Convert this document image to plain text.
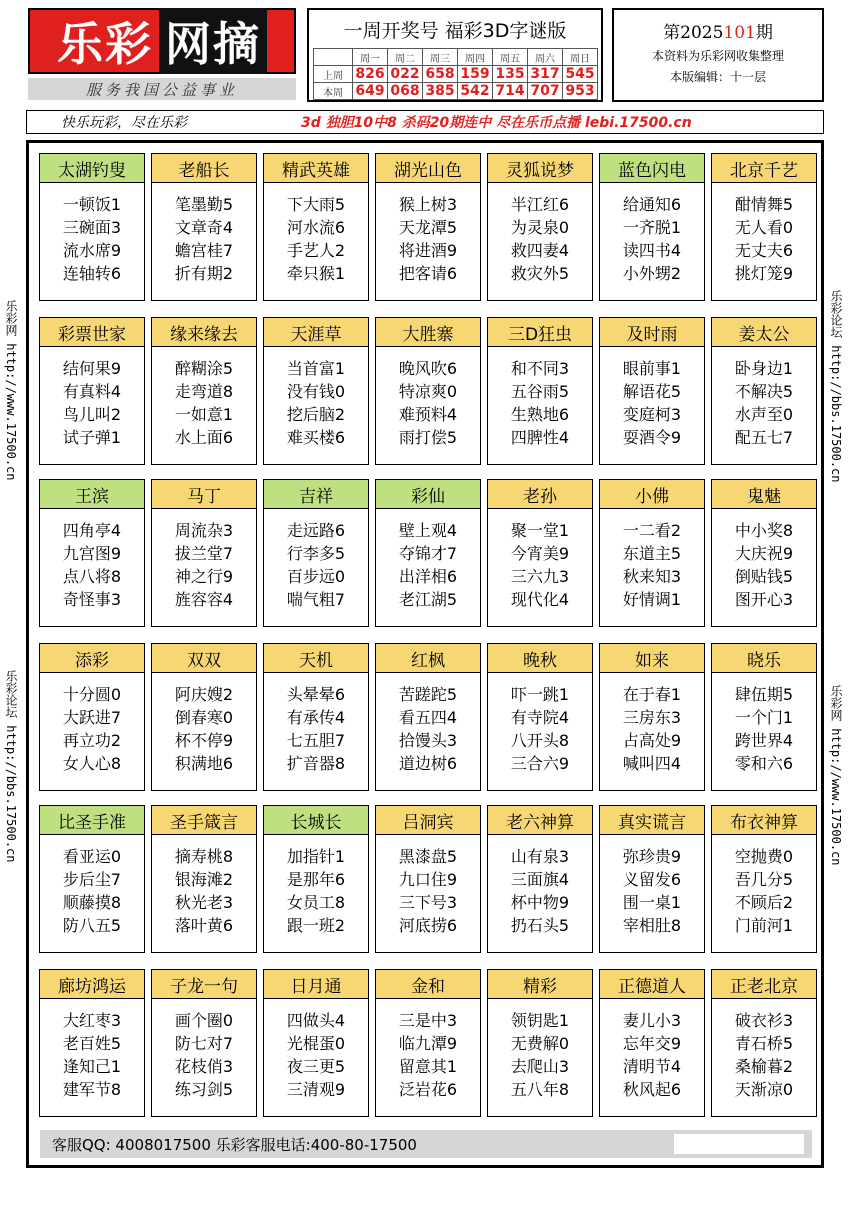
乐彩 网摘
服务我国公益事业
一周开奖号 福彩3D字谜版
	周一	周二	周三	周四	周五	周六	周日
上周	826	022	658	159	135	317	545
本周	649	068	385	542	714	707	953
第2025101期
本资料为乐彩网收集整理
本版编辑：十一层
快乐玩彩，尽在乐彩	3d 独胆10中8 杀码20期连中 尽在乐币点播 lebi.17500.cn
乐彩网 http://www.17500.cn
乐彩论坛 http://bbs.17500.cn
乐彩论坛 http://bbs.17500.cn
乐彩网 http://www.17500.cn
太湖钓叟
一顿饭1
三碗面3
流水席9
连轴转6
老船长
笔墨勤5
文章奇4
蟾宫桂7
折有期2
精武英雄
下大雨5
河水流6
手艺人2
牵只猴1
湖光山色
猴上树3
天龙潭5
将进酒9
把客请6
灵狐说梦
半江红6
为灵泉0
救四妻4
救灾外5
蓝色闪电
给通知6
一齐脱1
读四书4
小外甥2
北京千艺
酣情舞5
无人看0
无丈夫6
挑灯笼9
彩票世家
结何果9
有真料4
鸟儿叫2
试子弹1
缘来缘去
醉糊涂5
走弯道8
一如意1
水上面6
天涯草
当首富1
没有钱0
挖后脑2
难买楼6
大胜寨
晚风吹6
特凉爽0
难预料4
雨打偿5
三D狂虫
和不同3
五谷雨5
生熟地6
四脾性4
及时雨
眼前事1
解语花5
变庭柯3
耍酒令9
姜太公
卧身边1
不解决5
水声至0
配五七7
王滨
四角亭4
九宫图9
点八将8
奇怪事3
马丁
周流杂3
拔兰堂7
神之行9
旌容容4
吉祥
走远路6
行李多5
百步远0
喘气粗7
彩仙
壁上观4
夺锦才7
出洋相6
老江湖5
老孙
聚一堂1
今宵美9
三六九3
现代化4
小佛
一二看2
东道主5
秋来知3
好情调1
鬼魅
中小奖8
大庆祝9
倒贴钱5
图开心3
添彩
十分圆0
大跃进7
再立功2
女人心8
双双
阿庆嫂2
倒春寒0
杯不停9
积满地6
天机
头晕晕6
有承传4
七五胆7
扩音器8
红枫
苦蹉跎5
看五四4
拾馒头3
道边树6
晚秋
吓一跳1
有寺院4
八开头8
三合六9
如来
在于春1
三房东3
占高处9
喊叫四4
晓乐
肆伍期5
一个门1
跨世界4
零和六6
比圣手准
看亚运0
步后尘7
顺藤摸8
防八五5
圣手箴言
摘寿桃8
银海滩2
秋光老3
落叶黄6
长城长
加指针1
是那年6
女员工8
跟一班2
吕洞宾
黑漆盘5
九口住9
三下号3
河底捞6
老六神算
山有泉3
三面旗4
杯中物9
扔石头5
真实谎言
弥珍贵9
义留发6
围一桌1
宰相肚8
布衣神算
空抛费0
吾几分5
不顾后2
门前河1
廊坊鸿运
大红枣3
老百姓5
逢知己1
建军节8
子龙一句
画个圈0
防七对7
花枝俏3
练习剑5
日月通
四做头4
光棍蛋0
夜三更5
三清观9
金和
三是中3
临九潭9
留意其1
泛岩花6
精彩
领钥匙1
无费解0
去爬山3
五八年8
正德道人
妻儿小3
忘年交9
清明节4
秋风起6
正老北京
破衣衫3
青石桥5
桑榆暮2
天渐凉0
客服QQ: 4008017500 乐彩客服电话:400-80-17500
